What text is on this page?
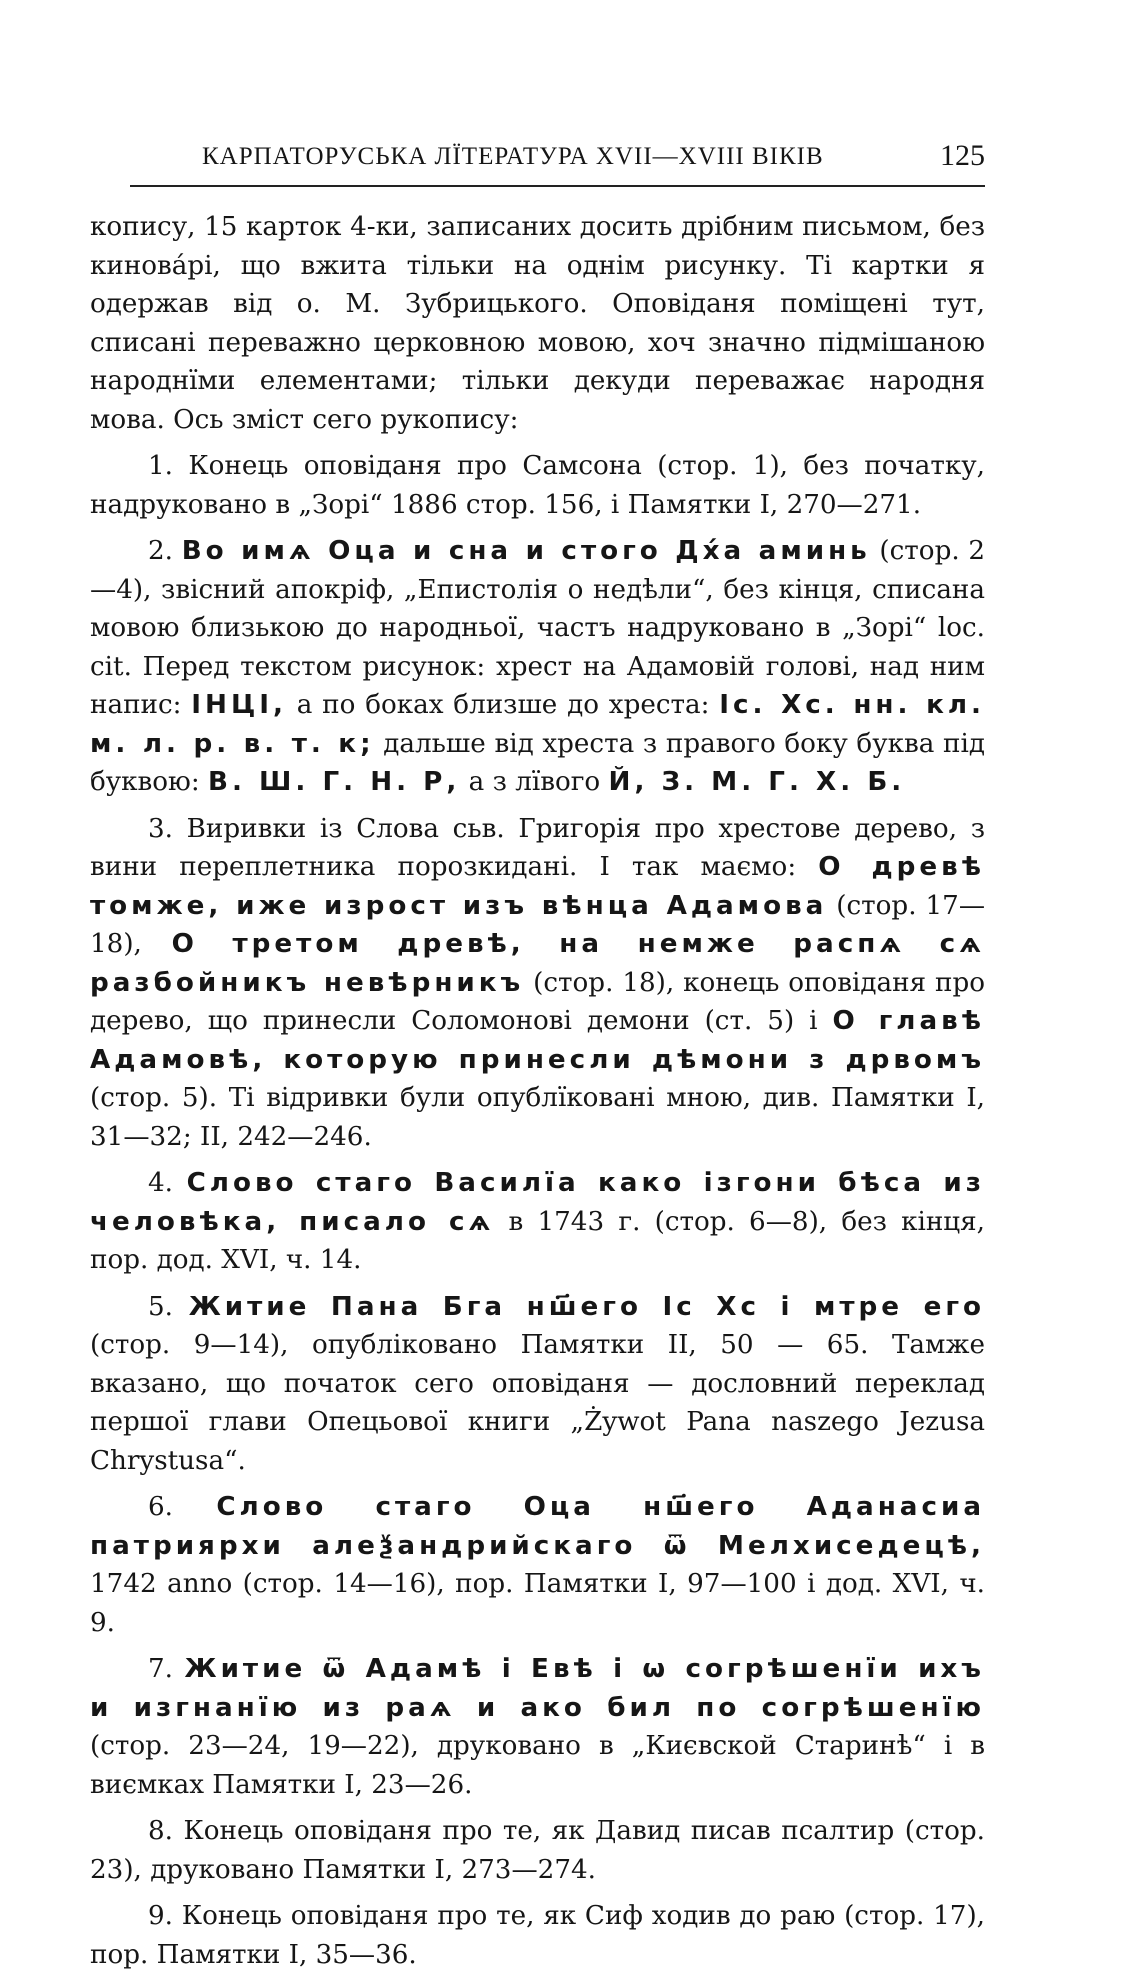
КАРПАТОРУСЬКА ЛЇТЕРАТУРА XVII—XVIII ВІКІВ	125

копису, 15 карток 4-ки, записаних досить дрібним письмом, без кинова́рі, що вжита тільки на однім рисунку. Ті картки я одержав від о. М. Зубрицького. Оповіданя поміщені тут, списані переважно церковною мовою, хоч значно підмішаною народнїми елементами; тільки декуди переважає народня мова. Ось зміст сего рукопису:

1. Конець оповіданя про Самсона (стор. 1), без початку, надруковано в „Зорі“ 1886 стор. 156, і Памятки I, 270—271.

2. Во имѧ Оца и сна и стого Дх́а аминь (стор. 2—4), звісний апокріф, „Епистолія о недѣли“, без кінця, списана мовою близькою до народньої, частъ надруковано в „Зорі“ loc. cit. Перед текстом рисунок: хрест на Адамовій голові, над ним напис: ІНЦІ, а по боках близше до хреста: Іс. Хс. нн. кл. м. л. р. в. т. к; дальше від хреста з правого боку буква під буквою: В. Ш. Г. Н. Р, а з лївого Й, З. М. Г. Х. Б.

3. Виривки із Слова сьв. Григорія про хрестове дерево, з вини переплетника порозкидані. І так маємо: О древѣ томже, иже изрост изъ вѣнца Адамова (стор. 17—18), О третом древѣ, на немже распѧ сѧ разбойникъ невѣрникъ (стор. 18), конець оповіданя про дерево, що принесли Соломонові демони (ст. 5) і О главѣ Адамовѣ, которую принесли дѣмони з дрвомъ (стор. 5). Ті відривки були опублїковані мною, див. Памятки I, 31—32; II, 242—246.

4. Слово стаго Василїа како ізгони бѣса из человѣка, писало сѧ в 1743 г. (стор. 6—8), без кінця, пор. дод. XVI, ч. 14.

5. Житие Пана Бга нш҃его Іс Хс і мтре его (стор. 9—14), опубліковано Памятки II, 50 — 65. Тамже вказано, що початок сего оповіданя — дословний переклад першої глави Опецьової книги „Żywot Pana naszego Jezusa Chrystusa“.

6. Слово стаго Оца нш҃его Аданасиа патриярхи алеѯандрийскаго ѿ Мелхиседецѣ, 1742 anno (стор. 14—16), пор. Памятки I, 97—100 і дод. XVI, ч. 9.

7. Житие ѿ Адамѣ і Евѣ і ѡ согрѣшенїи ихъ и изгнанїю из раѧ и ако бил по согрѣшенїю (стор. 23—24, 19—22), друковано в „Києвской Старинѣ“ і в виємках Памятки I, 23—26.

8. Конець оповіданя про те, як Давид писав псалтир (стор. 23), друковано Памятки I, 273—274.

9. Конець оповіданя про те, як Сиф ходив до раю (стор. 17), пор. Памятки I, 35—36.
